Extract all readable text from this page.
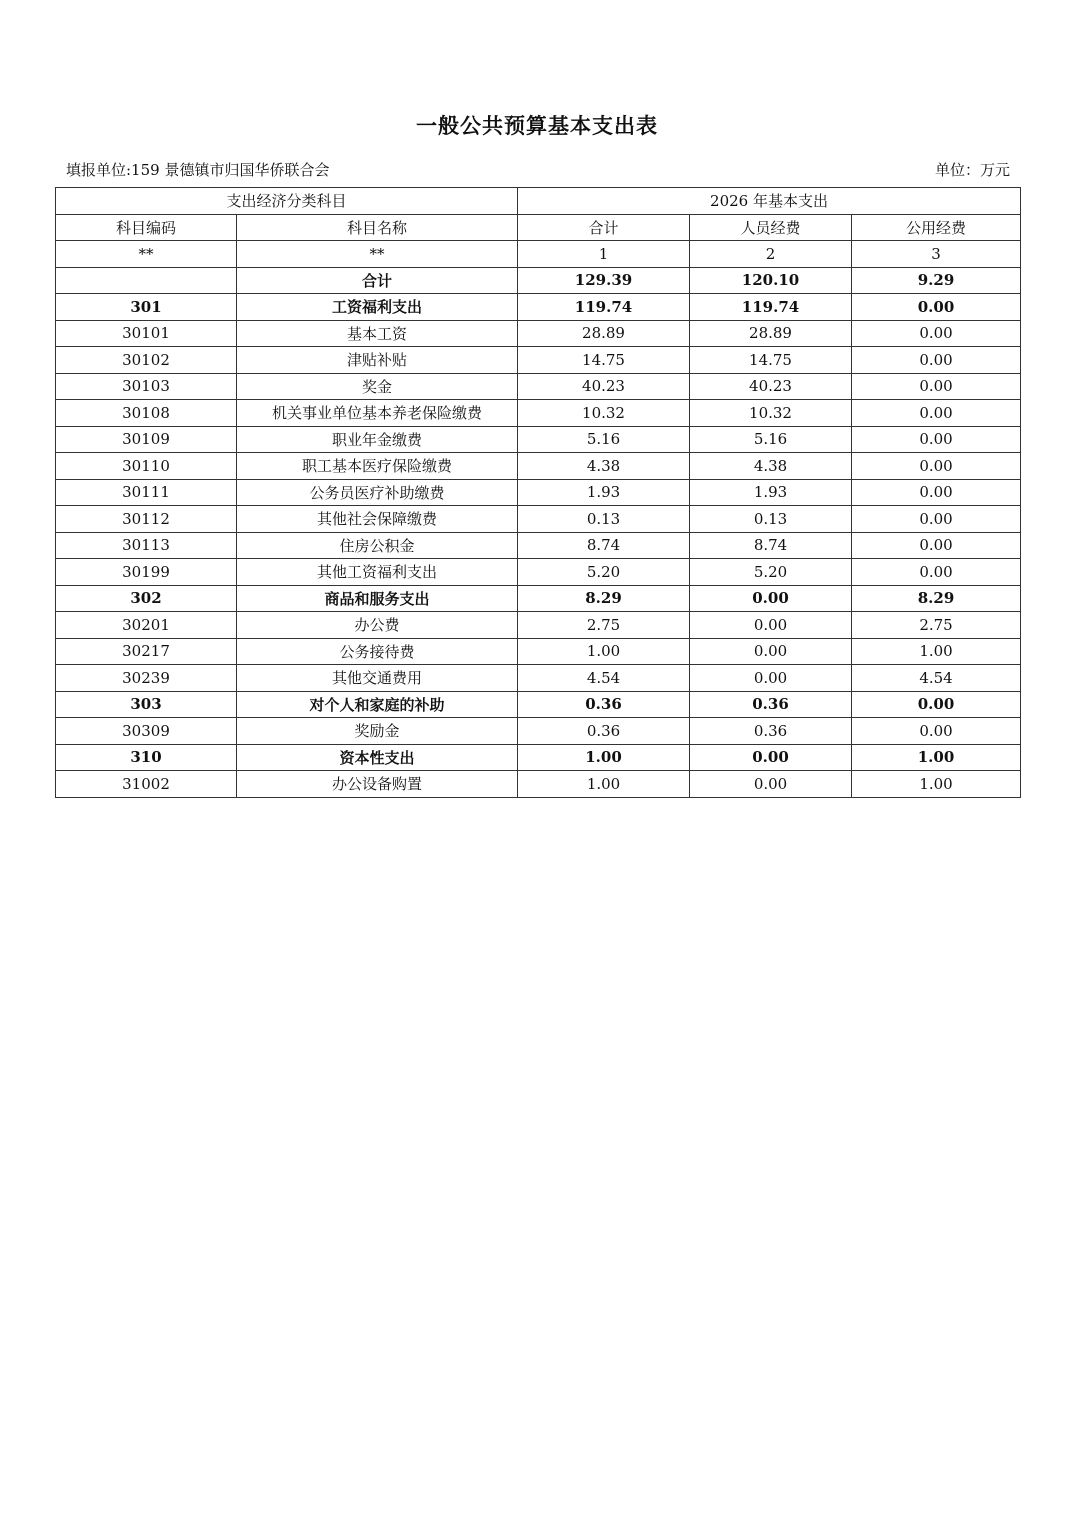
一般公共预算基本支出表
填报单位:159 景德镇市归国华侨联合会	单位：万元
支出经济分类科目		2026 年基本支出		
科目编码	科目名称	合计	人员经费	公用经费
**	**	1	2	3
	合计	129.39	120.10	9.29
301	工资福利支出	119.74	119.74	0.00
30101	基本工资	28.89	28.89	0.00
30102	津贴补贴	14.75	14.75	0.00
30103	奖金	40.23	40.23	0.00
30108	机关事业单位基本养老保险缴费	10.32	10.32	0.00
30109	职业年金缴费	5.16	5.16	0.00
30110	职工基本医疗保险缴费	4.38	4.38	0.00
30111	公务员医疗补助缴费	1.93	1.93	0.00
30112	其他社会保障缴费	0.13	0.13	0.00
30113	住房公积金	8.74	8.74	0.00
30199	其他工资福利支出	5.20	5.20	0.00
302	商品和服务支出	8.29	0.00	8.29
30201	办公费	2.75	0.00	2.75
30217	公务接待费	1.00	0.00	1.00
30239	其他交通费用	4.54	0.00	4.54
303	对个人和家庭的补助	0.36	0.36	0.00
30309	奖励金	0.36	0.36	0.00
310	资本性支出	1.00	0.00	1.00
31002	办公设备购置	1.00	0.00	1.00
